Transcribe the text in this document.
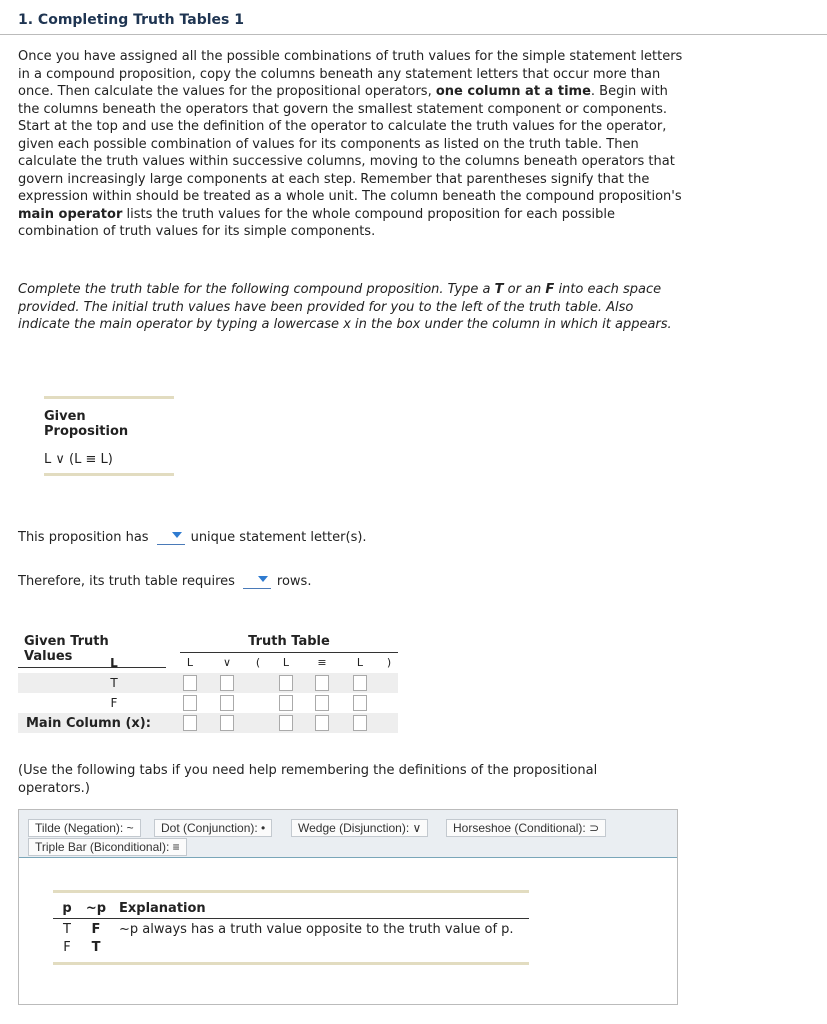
1. Completing Truth Tables 1

Once you have assigned all the possible combinations of truth values for the simple statement letters in a compound proposition, copy the columns beneath any statement letters that occur more than once. Then calculate the values for the propositional operators, one column at a time. Begin with the columns beneath the operators that govern the smallest statement component or components. Start at the top and use the definition of the operator to calculate the truth values for the operator, given each possible combination of values for its components as listed on the truth table. Then calculate the truth values within successive columns, moving to the columns beneath operators that govern increasingly large components at each step. Remember that parentheses signify that the expression within should be treated as a whole unit. The column beneath the compound proposition's main operator lists the truth values for the whole compound proposition for each possible combination of truth values for its simple components.

Complete the truth table for the following compound proposition. Type a T or an F into each space provided. The initial truth values have been provided for you to the left of the truth table. Also indicate the main operator by typing a lowercase x in the box under the column in which it appears.

Given Proposition
L ∨ (L ≡ L)
This proposition has	unique statement letter(s).
Therefore, its truth table requires	rows.
Given Truth Values
Truth Table
L	L	∨	(	L	≡	L	)
T
F
Main Column (x):

(Use the following tabs if you need help remembering the definitions of the propositional operators.)

Tilde (Negation): ~	Dot (Conjunction): •	Wedge (Disjunction): ∨	Horseshoe (Conditional): ⊃
Triple Bar (Biconditional): ≡
p	~p Explanation
T	F	~p always has a truth value opposite to the truth value of p.
F	T
